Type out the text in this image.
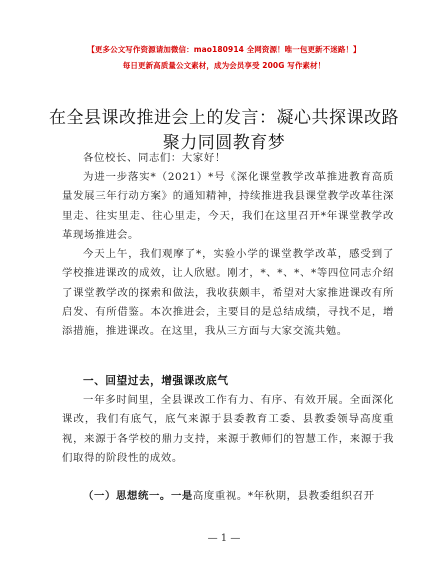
【更多公文写作资源请加微信：mao180914 全网资源！唯一包更新不迷路！】
每日更新高质量公文素材，成为会员享受 200G 写作素材！
在全县课改推进会上的发言：凝心共探课改路
聚力同圆教育梦
各位校长、同志们：大家好！
为进一步落实*（2021）*号《深化课堂教学改革推进教育高质量发展三年行动方案》的通知精神，持续推进我县课堂教学改革往深里走、往实里走、往心里走，今天，我们在这里召开*年课堂教学改革现场推进会。
今天上午，我们观摩了*，实验小学的课堂教学改革，感受到了学校推进课改的成效，让人欣慰。刚才，*、*、*、*等四位同志介绍了课堂教学改的探索和做法，我收获颇丰，希望对大家推进课改有所启发、有所借鉴。本次推进会，主要目的是总结成绩，寻找不足，增添措施，推进课改。在这里，我从三方面与大家交流共勉。
一、回望过去，增强课改底气
一年多时间里，全县课改工作有力、有序、有效开展。全面深化课改，我们有底气，底气来源于县委教育工委、县教委领导高度重视，来源于各学校的鼎力支持，来源于教师们的智慧工作，来源于我们取得的阶段性的成效。
（一）思想统一。一是高度重视。*年秋期，县教委组织召开
— 1 —
